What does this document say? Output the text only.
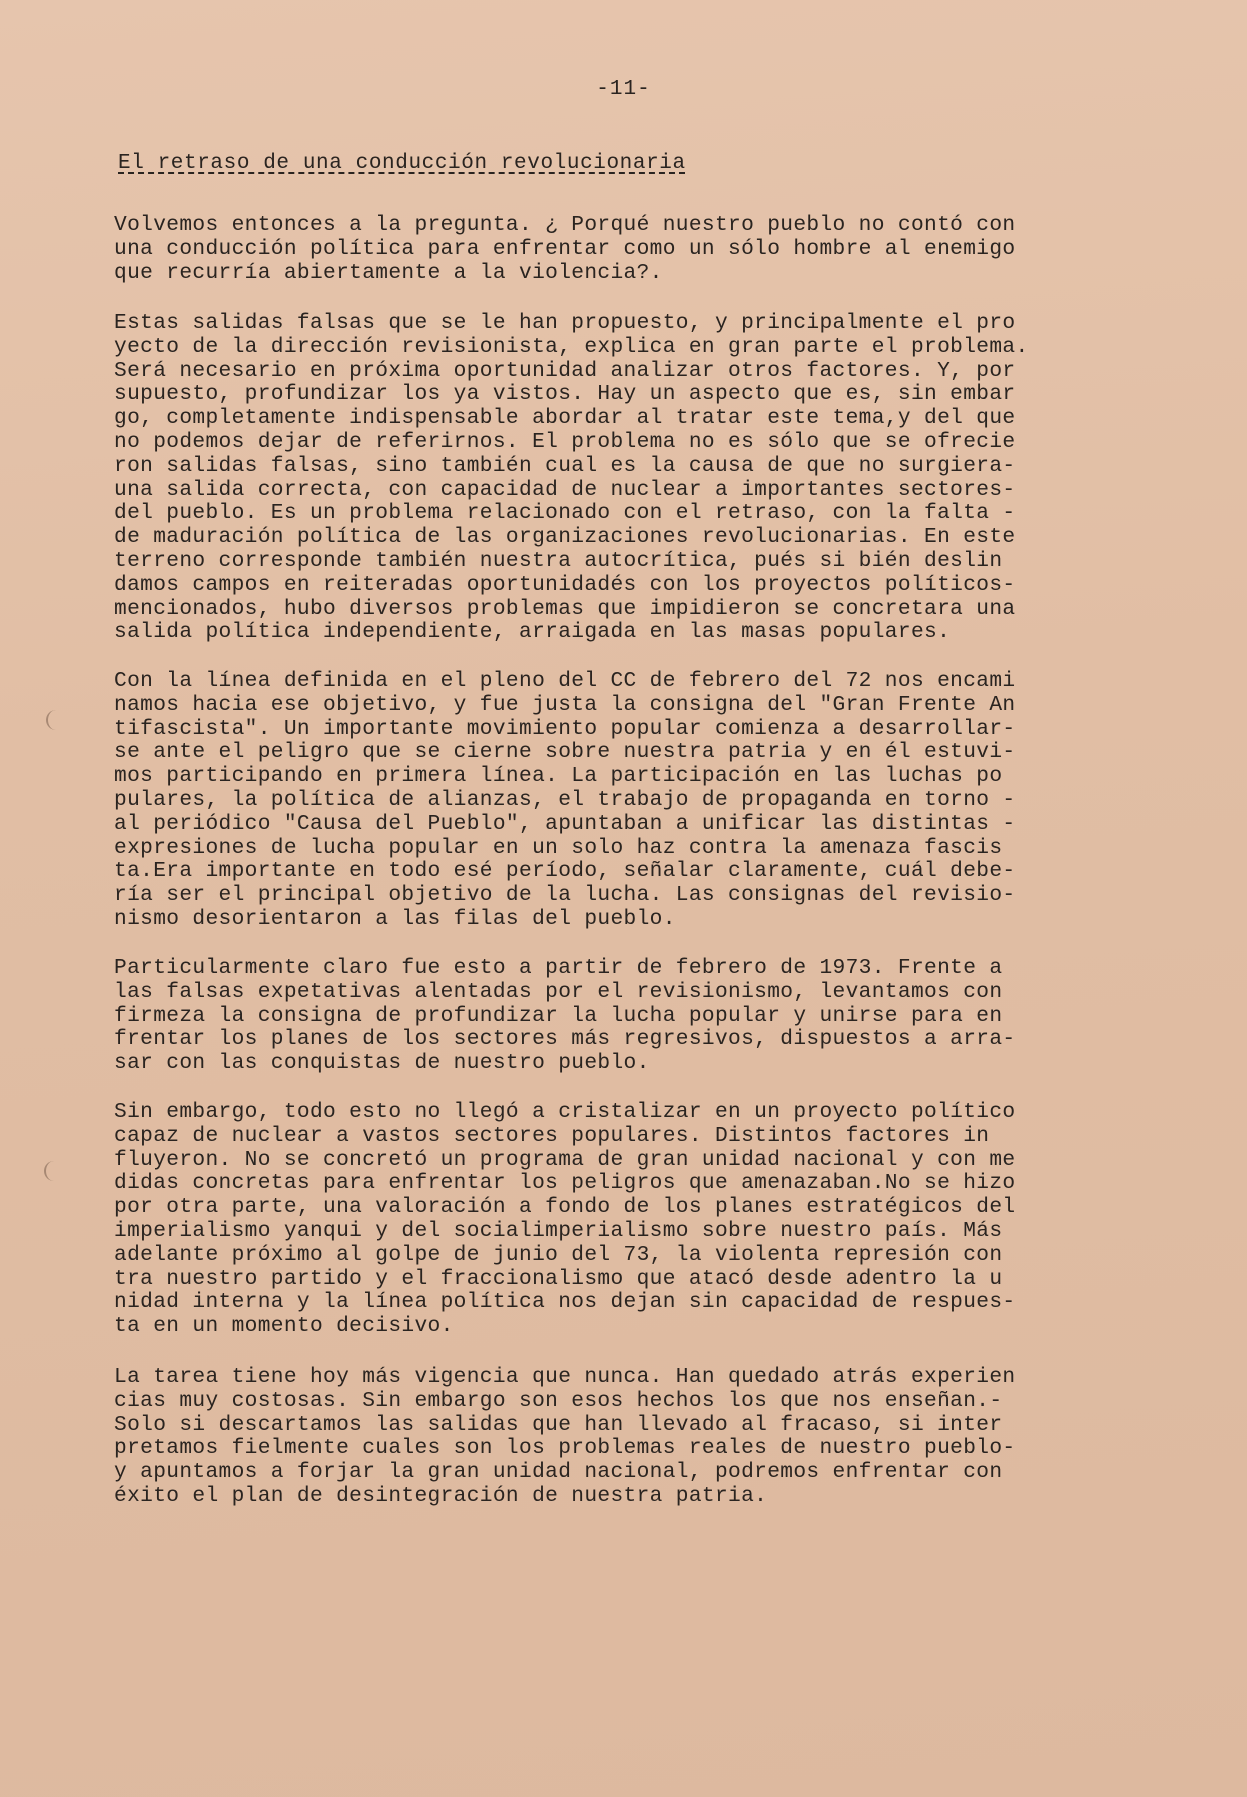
-11-
El retraso de una conducción revolucionaria
Volvemos entonces a la pregunta. ¿ Porqué nuestro pueblo no contó con
una conducción política para enfrentar como un sólo hombre al enemigo
que recurría abiertamente a la violencia?.
Estas salidas falsas que se le han propuesto, y principalmente el pro
yecto de la dirección revisionista, explica en gran parte el problema.
Será necesario en próxima oportunidad analizar otros factores. Y, por
supuesto, profundizar los ya vistos. Hay un aspecto que es, sin embar
go, completamente indispensable abordar al tratar este tema,y del que
no podemos dejar de referirnos. El problema no es sólo que se ofrecie
ron salidas falsas, sino también cual es la causa de que no surgiera-
una salida correcta, con capacidad de nuclear a importantes sectores-
del pueblo. Es un problema relacionado con el retraso, con la falta -
de maduración política de las organizaciones revolucionarias. En este
terreno corresponde también nuestra autocrítica, pués si bién deslin
damos campos en reiteradas oportunidadés con los proyectos políticos-
mencionados, hubo diversos problemas que impidieron se concretara una
salida política independiente, arraigada en las masas populares.
Con la línea definida en el pleno del CC de febrero del 72 nos encami
namos hacia ese objetivo, y fue justa la consigna del "Gran Frente An
tifascista". Un importante movimiento popular comienza a desarrollar-
se ante el peligro que se cierne sobre nuestra patria y en él estuvi-
mos participando en primera línea. La participación en las luchas po
pulares, la política de alianzas, el trabajo de propaganda en torno -
al periódico "Causa del Pueblo", apuntaban a unificar las distintas -
expresiones de lucha popular en un solo haz contra la amenaza fascis
ta.Era importante en todo esé período, señalar claramente, cuál debe-
ría ser el principal objetivo de la lucha. Las consignas del revisio-
nismo desorientaron a las filas del pueblo.
Particularmente claro fue esto a partir de febrero de 1973. Frente a
las falsas expetativas alentadas por el revisionismo, levantamos con
firmeza la consigna de profundizar la lucha popular y unirse para en
frentar los planes de los sectores más regresivos, dispuestos a arra-
sar con las conquistas de nuestro pueblo.
Sin embargo, todo esto no llegó a cristalizar en un proyecto político
capaz de nuclear a vastos sectores populares. Distintos factores in
fluyeron. No se concretó un programa de gran unidad nacional y con me
didas concretas para enfrentar los peligros que amenazaban.No se hizo
por otra parte, una valoración a fondo de los planes estratégicos del
imperialismo yanqui y del socialimperialismo sobre nuestro país. Más
adelante próximo al golpe de junio del 73, la violenta represión con
tra nuestro partido y el fraccionalismo que atacó desde adentro la u
nidad interna y la línea política nos dejan sin capacidad de respues-
ta en un momento decisivo.
La tarea tiene hoy más vigencia que nunca. Han quedado atrás experien
cias muy costosas. Sin embargo son esos hechos los que nos enseñan.-
Solo si descartamos las salidas que han llevado al fracaso, si inter
pretamos fielmente cuales son los problemas reales de nuestro pueblo-
y apuntamos a forjar la gran unidad nacional, podremos enfrentar con
éxito el plan de desintegración de nuestra patria.
